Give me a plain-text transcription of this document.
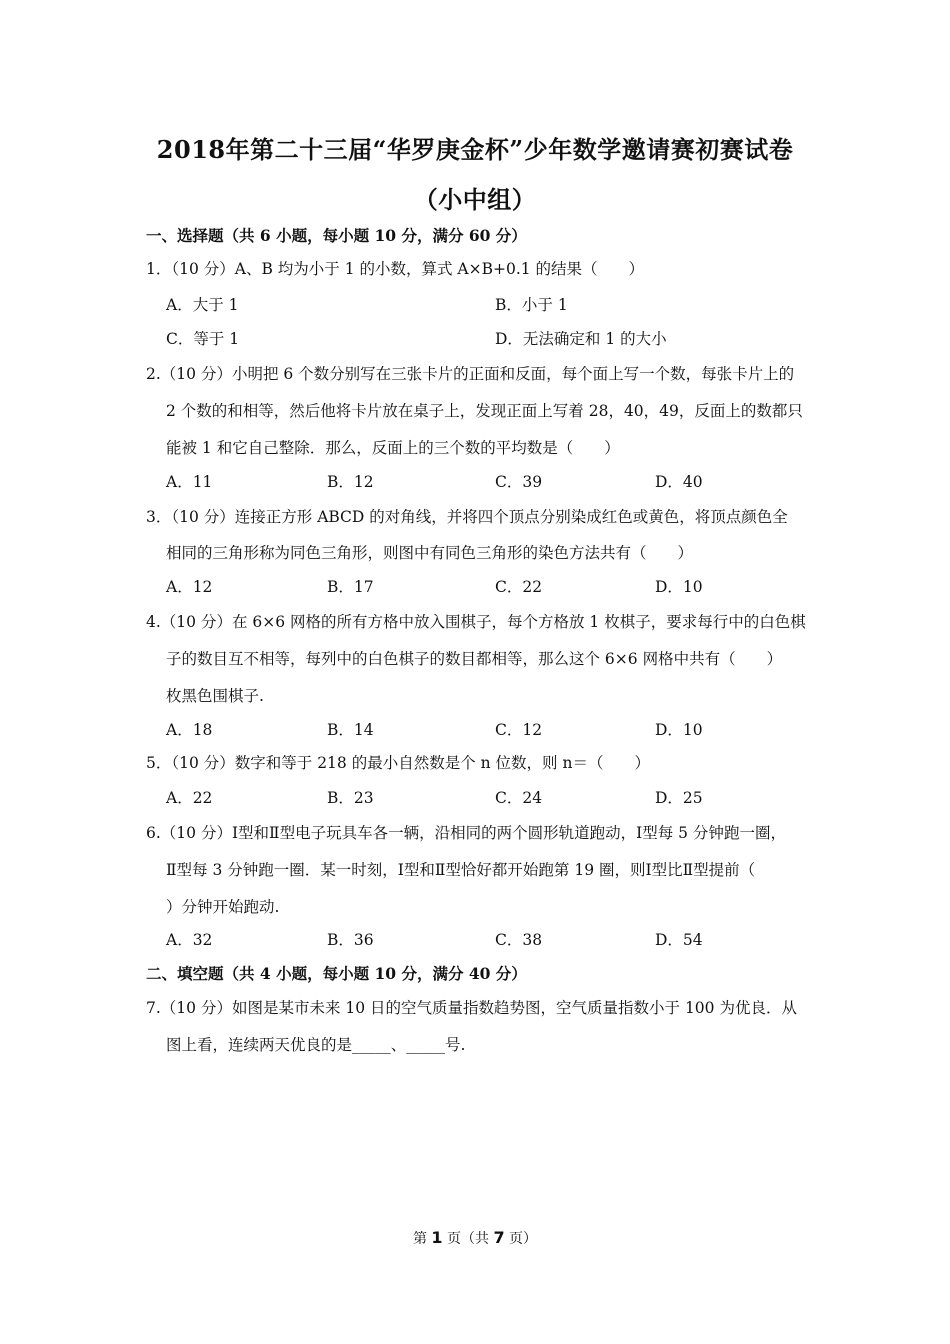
2018年第二十三届“华罗庚金杯”少年数学邀请赛初赛试卷
（小中组）
一、选择题（共 6 小题，每小题 10 分，满分 60 分）
1．（10 分）A、B 均为小于 1 的小数，算式 A×B+0.1 的结果（　　）
A．大于 1	B．小于 1
C．等于 1	D．无法确定和 1 的大小
2.（10 分）小明把 6 个数分别写在三张卡片的正面和反面，每个面上写一个数，每张卡片上的
2 个数的和相等，然后他将卡片放在桌子上，发现正面上写着 28，40，49，反面上的数都只
能被 1 和它自己整除．那么，反面上的三个数的平均数是（　　）
A．11	B．12	C．39	D．40
3．（10 分）连接正方形 ABCD 的对角线，并将四个顶点分别染成红色或黄色，将顶点颜色全
相同的三角形称为同色三角形，则图中有同色三角形的染色方法共有（　　）
A．12	B．17	C．22	D．10
4.（10 分）在 6×6 网格的所有方格中放入围棋子，每个方格放 1 枚棋子，要求每行中的白色棋
子的数目互不相等，每列中的白色棋子的数目都相等，那么这个 6×6 网格中共有（　　）
枚黑色围棋子.
A．18	B．14	C．12	D．10
5．（10 分）数字和等于 218 的最小自然数是个 n 位数，则 n＝（　　）
A．22	B．23	C．24	D．25
6.（10 分）Ⅰ型和Ⅱ型电子玩具车各一辆，沿相同的两个圆形轨道跑动，Ⅰ型每 5 分钟跑一圈，
Ⅱ型每 3 分钟跑一圈．某一时刻，Ⅰ型和Ⅱ型恰好都开始跑第 19 圈，则Ⅰ型比Ⅱ型提前（
）分钟开始跑动.
A．32	B．36	C．38	D．54
二、填空题（共 4 小题，每小题 10 分，满分 40 分）
7.（10 分）如图是某市未来 10 日的空气质量指数趋势图，空气质量指数小于 100 为优良．从
图上看，连续两天优良的是_____、_____号.
第 1 页（共 7 页）
